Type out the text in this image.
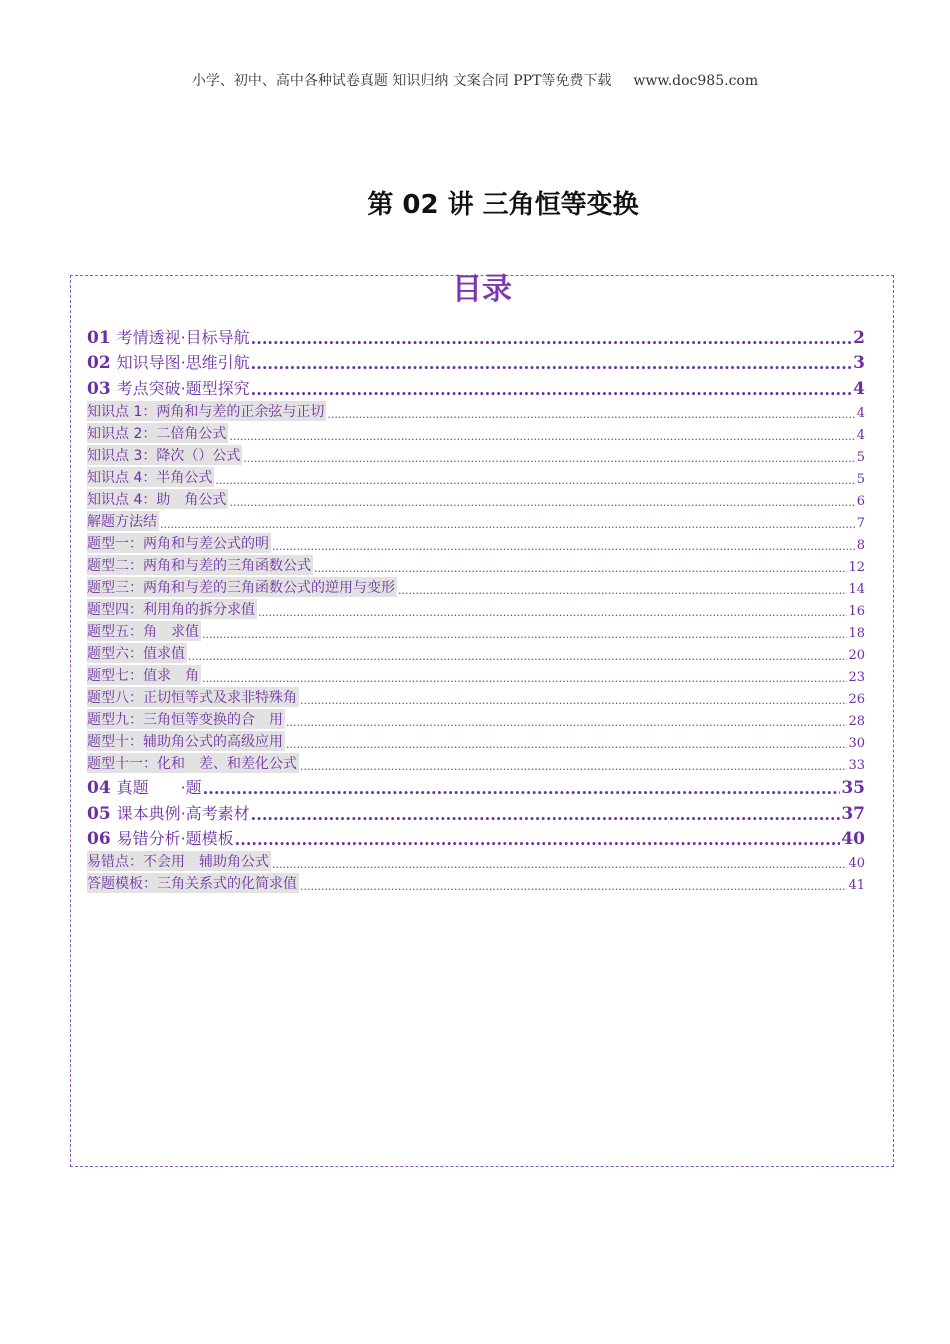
小学、初中、高中各种试卷真题 知识归纳 文案合同 PPT等免费下载 www.doc985.com
第 02 讲 三角恒等变换
目录
01 考情透视·目标导航 .....	2
02 知识导图·思维引航 .....	3
03 考点突破·题型探究 .....	4
知识点 1：两角和与差的正余弦与正切 .....	4
知识点 2：二倍角公式 .....	4
知识点 3：降次（）公式 .....	5
知识点 4：半角公式 .....	5
知识点 4：助　角公式 .....	6
解题方法结 .....	7
题型一：两角和与差公式的明 .....	8
题型二：两角和与差的三角函数公式 .....	12
题型三：两角和与差的三角函数公式的逆用与变形 .....	14
题型四：利用角的拆分求值 .....	16
题型五：角　求值 .....	18
题型六：值求值 .....	20
题型七：值求　角 .....	23
题型八：正切恒等式及求非特殊角 .....	26
题型九：三角恒等变换的合　用 .....	28
题型十：辅助角公式的高级应用 .....	30
题型十一：化和　差、和差化公式 .....	33
04 真题　　·题 .....	35
05 课本典例·高考素材 .....	37
06 易错分析·题模板 .....	40
易错点：不会用　辅助角公式 .....	40
答题模板：三角关系式的化简求值 .....	41
